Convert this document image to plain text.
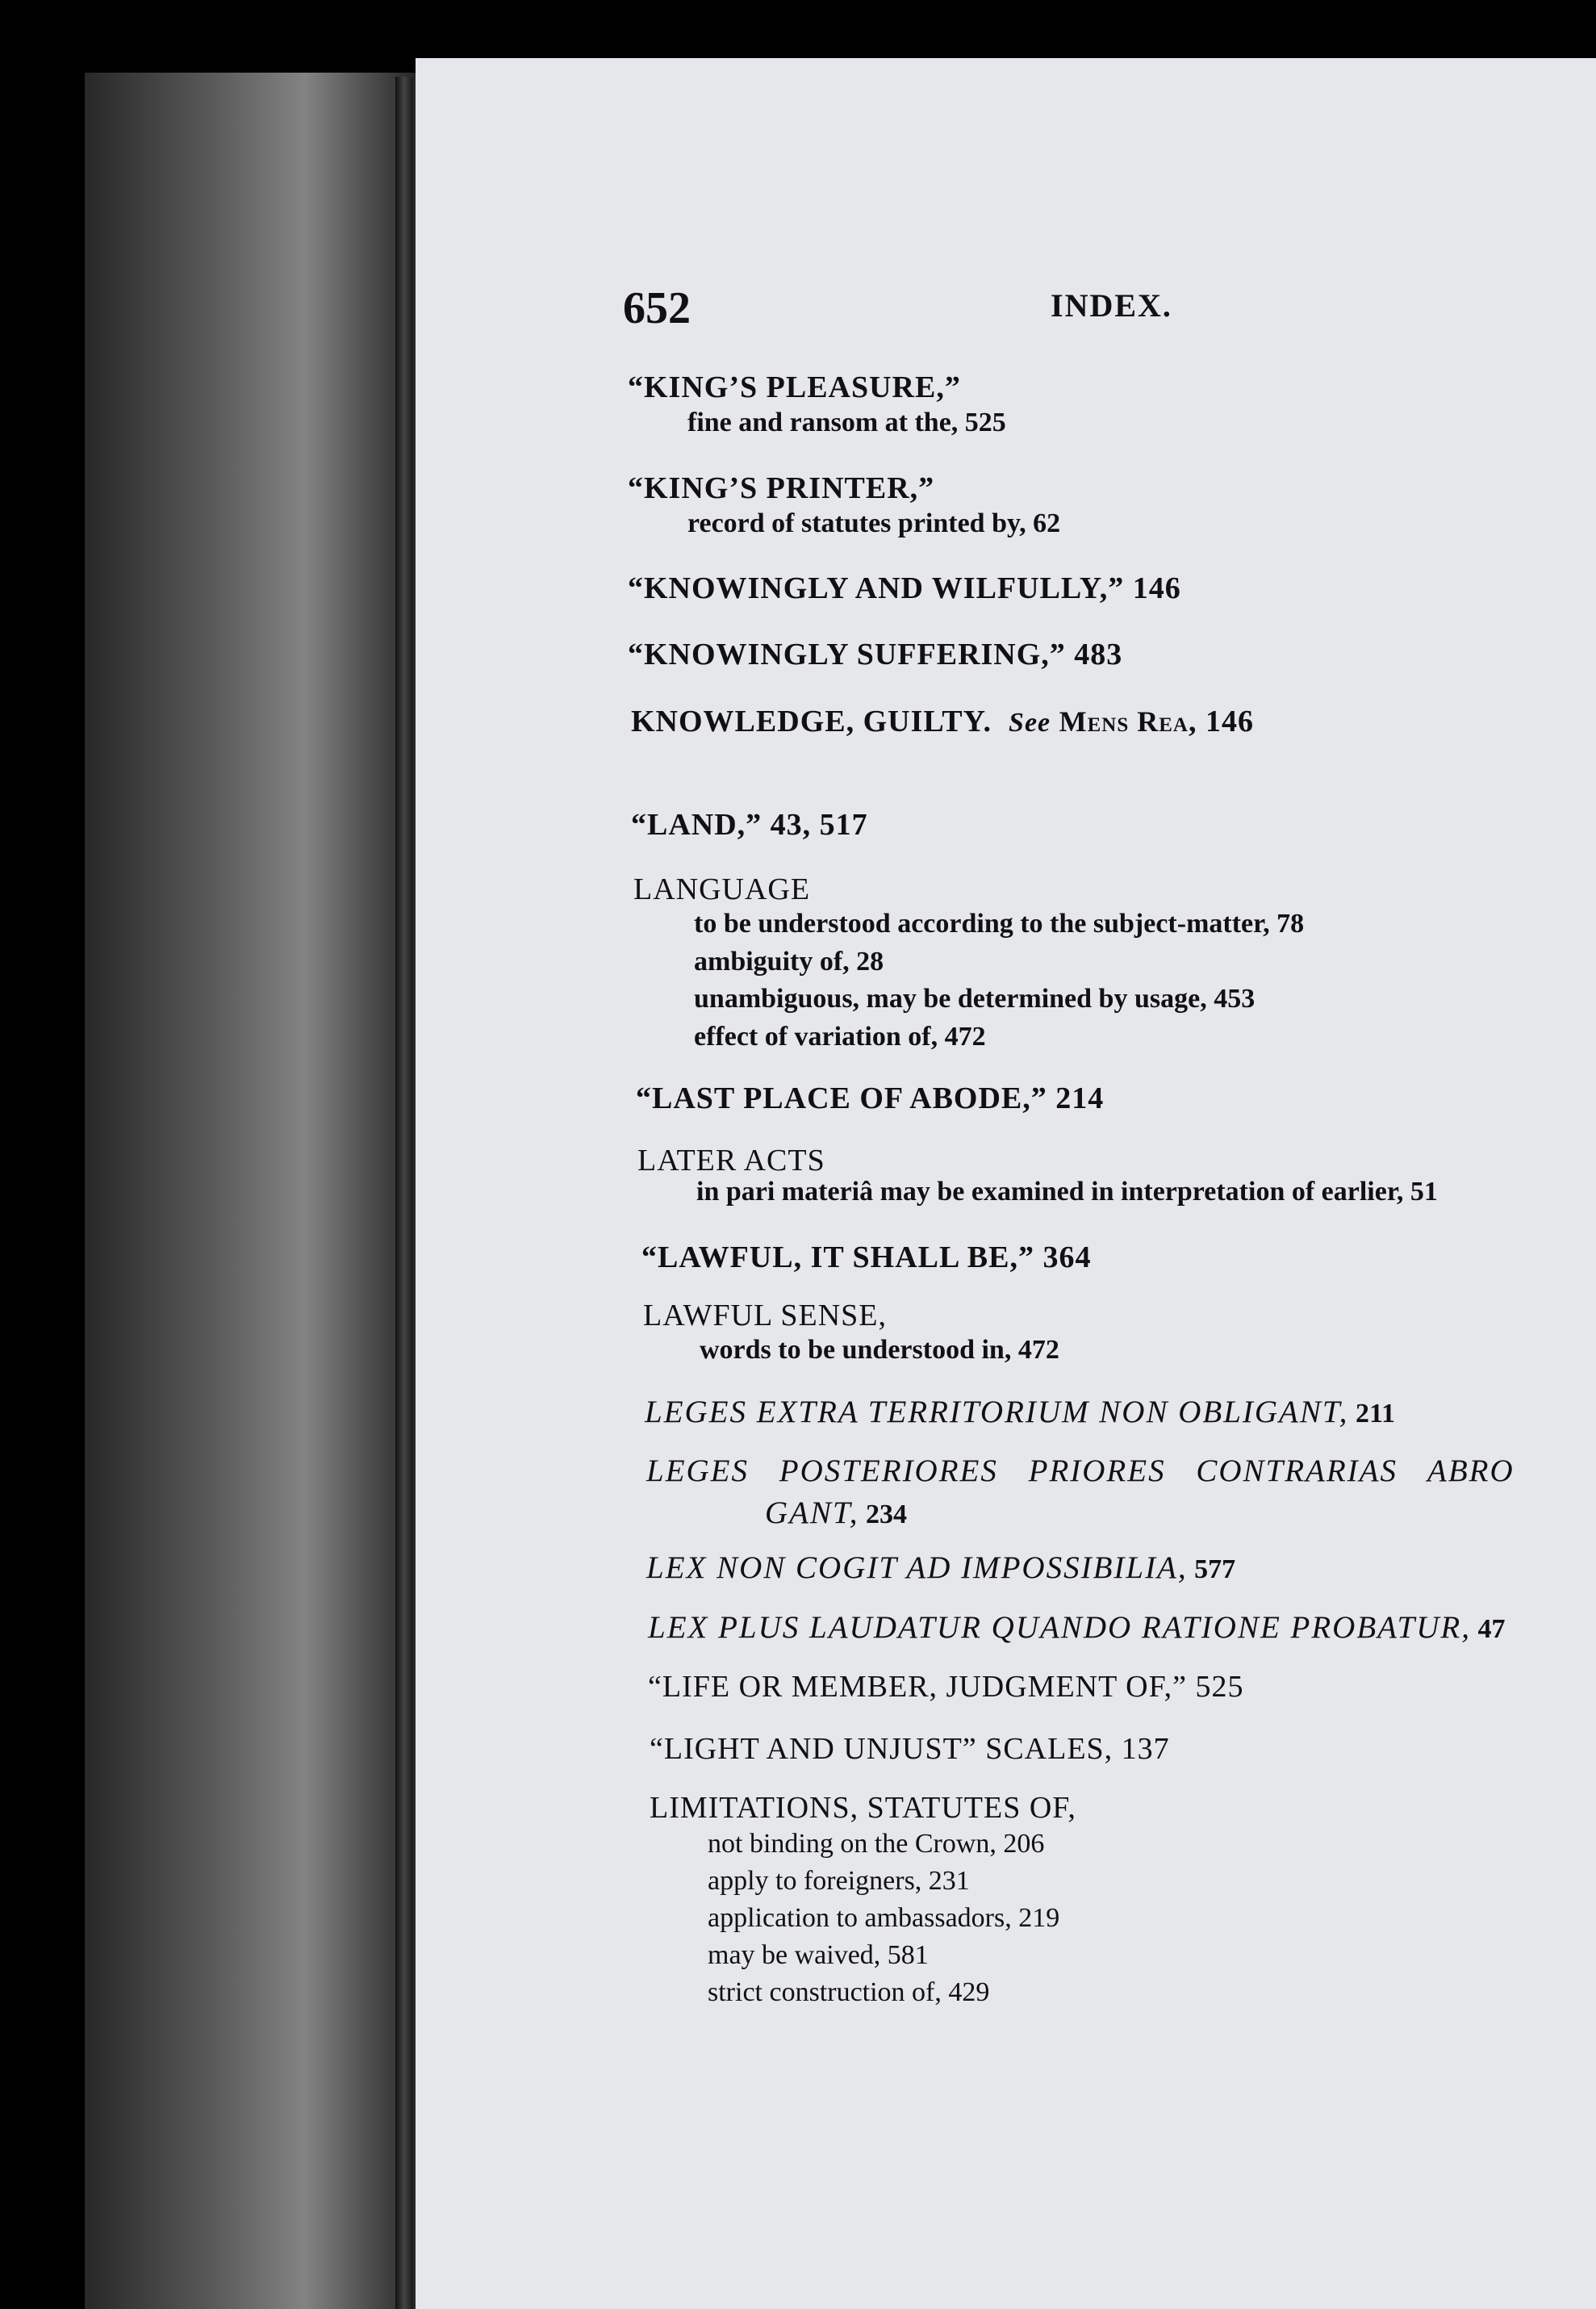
652	INDEX.
“KING’S PLEASURE,”
fine and ransom at the, 525
“KING’S PRINTER,”
record of statutes printed by, 62
“KNOWINGLY AND WILFULLY,” 146
“KNOWINGLY SUFFERING,” 483
KNOWLEDGE, GUILTY. See Mens Rea, 146
“LAND,” 43, 517
LANGUAGE
to be understood according to the subject-matter, 78
ambiguity of, 28
unambiguous, may be determined by usage, 453
effect of variation of, 472
“LAST PLACE OF ABODE,” 214
LATER ACTS
in pari materiâ may be examined in interpretation of earlier, 51
“LAWFUL, IT SHALL BE,” 364
LAWFUL SENSE,
words to be understood in, 472
LEGES EXTRA TERRITORIUM NON OBLIGANT, 211
LEGES POSTERIORES PRIORES CONTRARIAS ABRO
GANT, 234
LEX NON COGIT AD IMPOSSIBILIA, 577
LEX PLUS LAUDATUR QUANDO RATIONE PROBATUR, 47
“LIFE OR MEMBER, JUDGMENT OF,” 525
“LIGHT AND UNJUST” SCALES, 137
LIMITATIONS, STATUTES OF,
not binding on the Crown, 206
apply to foreigners, 231
application to ambassadors, 219
may be waived, 581
strict construction of, 429
